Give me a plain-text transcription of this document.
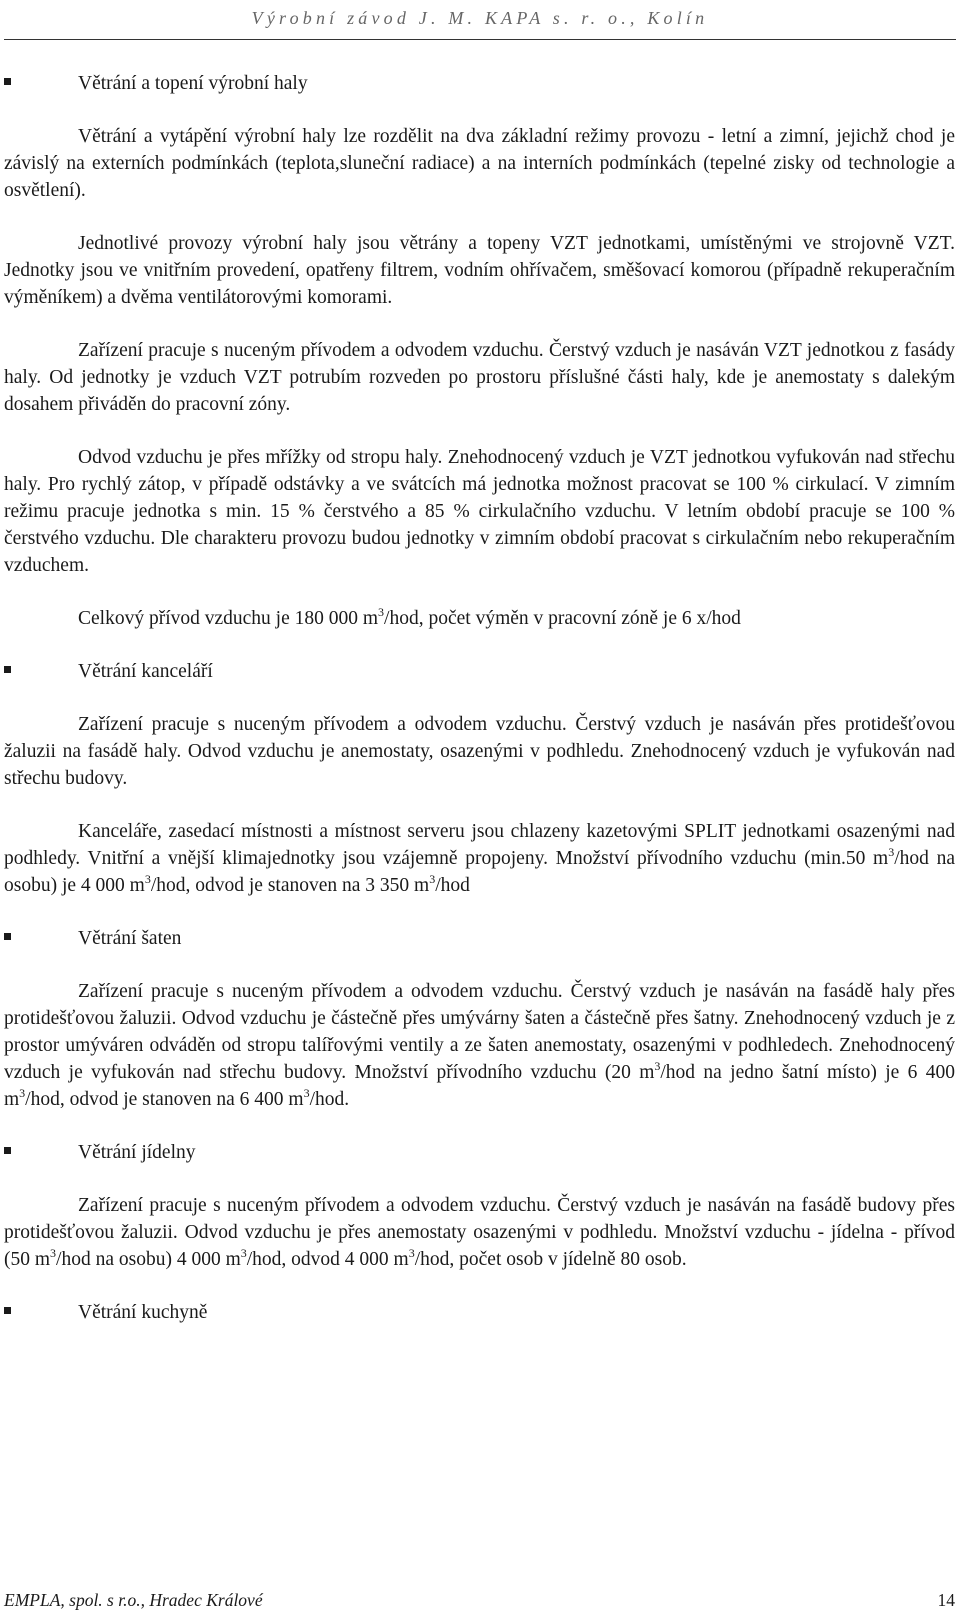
Výrobní závod J. M. KAPA s. r. o., Kolín
Větrání a topení výrobní haly

Větrání a vytápění výrobní haly lze rozdělit na dva základní režimy provozu - letní a zimní, jejichž chod je závislý na externích podmínkách (teplota,sluneční radiace) a na interních podmínkách (tepelné zisky od technologie a osvětlení).

Jednotlivé provozy výrobní haly jsou větrány a topeny VZT jednotkami, umístěnými ve strojovně VZT. Jednotky jsou ve vnitřním provedení, opatřeny filtrem, vodním ohřívačem, směšovací komorou (případně rekuperačním výměníkem) a dvěma ventilátorovými komorami.

Zařízení pracuje s nuceným přívodem a odvodem vzduchu. Čerstvý vzduch je nasáván VZT jednotkou z fasády haly. Od jednotky je vzduch VZT potrubím rozveden po prostoru příslušné části haly, kde je anemostaty s dalekým dosahem přiváděn do pracovní zóny.

Odvod vzduchu je přes mřížky od stropu haly. Znehodnocený vzduch je VZT jednotkou vyfukován nad střechu haly. Pro rychlý zátop, v případě odstávky a ve svátcích má jednotka možnost pracovat se 100 % cirkulací. V zimním režimu pracuje jednotka s min. 15 % čerstvého a 85 % cirkulačního vzduchu. V letním období pracuje se 100 % čerstvého vzduchu. Dle charakteru provozu budou jednotky v zimním období pracovat s cirkulačním nebo rekuperačním vzduchem.

Celkový přívod vzduchu je 180 000 $m^3$/hod, počet výměn v pracovní zóně je 6 x/hod

Větrání kanceláří

Zařízení pracuje s nuceným přívodem a odvodem vzduchu. Čerstvý vzduch je nasáván přes protidešťovou žaluzii na fasádě haly. Odvod vzduchu je anemostaty, osazenými v podhledu. Znehodnocený vzduch je vyfukován nad střechu budovy.

Kanceláře, zasedací místnosti a místnost serveru jsou chlazeny kazetovými SPLIT jednotkami osazenými nad podhledy. Vnitřní a vnější klimajednotky jsou vzájemně propojeny. Množství přívodního vzduchu (min.50 $m^3$/hod na osobu) je 4 000 $m^3$/hod, odvod je stanoven na 3 350 $m^3$/hod

Větrání šaten

Zařízení pracuje s nuceným přívodem a odvodem vzduchu. Čerstvý vzduch je nasáván na fasádě haly přes protidešťovou žaluzii. Odvod vzduchu je částečně přes umývárny šaten a částečně přes šatny. Znehodnocený vzduch je z prostor umýváren odváděn od stropu talířovými ventily a ze šaten anemostaty, osazenými v podhledech. Znehodnocený vzduch je vyfukován nad střechu budovy. Množství přívodního vzduchu (20 $m^3$/hod na jedno šatní místo) je 6 400 $m^3$/hod, odvod je stanoven na 6 400 $m^3$/hod.

Větrání jídelny

Zařízení pracuje s nuceným přívodem a odvodem vzduchu. Čerstvý vzduch je nasáván na fasádě budovy přes protidešťovou žaluzii. Odvod vzduchu je přes anemostaty osazenými v podhledu. Množství vzduchu - jídelna - přívod (50 $m^3$/hod na osobu) 4 000 $m^3$/hod, odvod 4 000 $m^3$/hod, počet osob v jídelně 80 osob.

Větrání kuchyně
EMPLA, spol. s r.o., Hradec Králové	14
